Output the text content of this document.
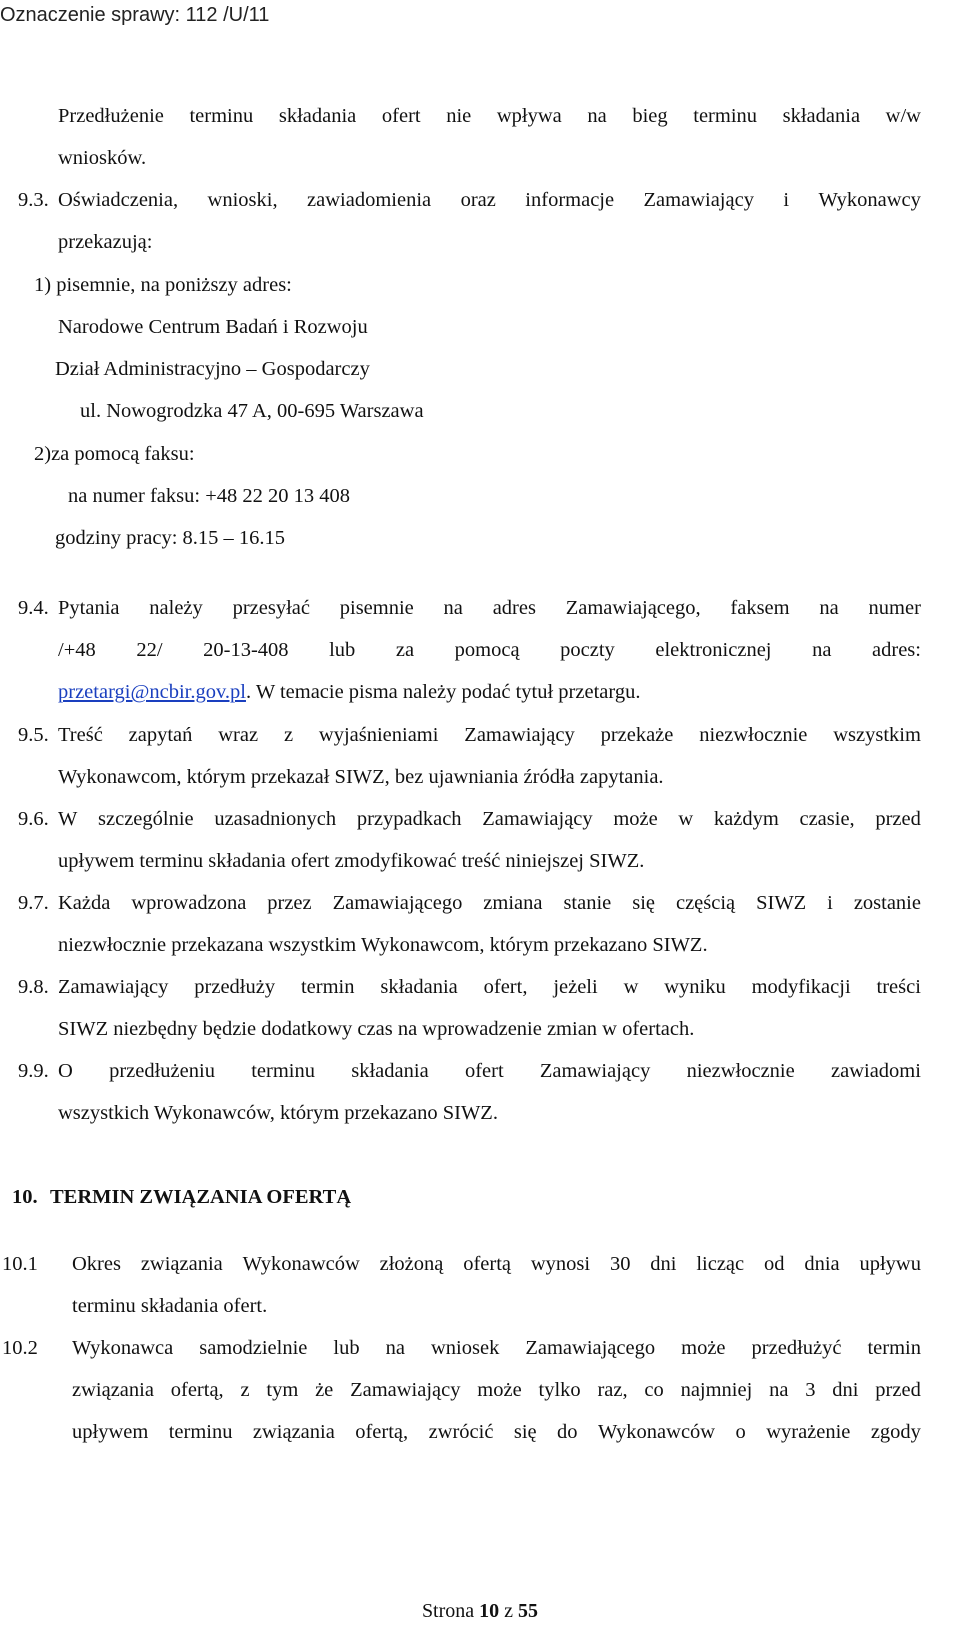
Oznaczenie sprawy: 112 /U/11
Przedłużenie terminu składania ofert nie wpływa na bieg terminu składania w/w
wniosków.
9.3. Oświadczenia, wnioski, zawiadomienia oraz informacje Zamawiający i Wykonawcy
przekazują:
1) pisemnie, na poniższy adres:
Narodowe Centrum Badań i Rozwoju
Dział Administracyjno – Gospodarczy
ul. Nowogrodzka 47 A, 00-695 Warszawa
2)za pomocą faksu:
na numer faksu: +48 22 20 13 408
godziny pracy: 8.15 – 16.15
9.4. Pytania należy przesyłać pisemnie na adres Zamawiającego, faksem na numer
/+48 22/ 20-13-408 lub za pomocą poczty elektronicznej na adres:
przetargi@ncbir.gov.pl. W temacie pisma należy podać tytuł przetargu.
9.5. Treść zapytań wraz z wyjaśnieniami Zamawiający przekaże niezwłocznie wszystkim
Wykonawcom, którym przekazał SIWZ, bez ujawniania źródła zapytania.
9.6. W szczególnie uzasadnionych przypadkach Zamawiający może w każdym czasie, przed
upływem terminu składania ofert zmodyfikować treść niniejszej SIWZ.
9.7. Każda wprowadzona przez Zamawiającego zmiana stanie się częścią SIWZ i zostanie
niezwłocznie przekazana wszystkim Wykonawcom, którym przekazano SIWZ.
9.8. Zamawiający przedłuży termin składania ofert, jeżeli w wyniku modyfikacji treści
SIWZ niezbędny będzie dodatkowy czas na wprowadzenie zmian w ofertach.
9.9. O przedłużeniu terminu składania ofert Zamawiający niezwłocznie zawiadomi
wszystkich Wykonawców, którym przekazano SIWZ.
10. TERMIN ZWIĄZANIA OFERTĄ
10.1 Okres związania Wykonawców złożoną ofertą wynosi 30 dni licząc od dnia upływu
terminu składania ofert.
10.2 Wykonawca samodzielnie lub na wniosek Zamawiającego może przedłużyć termin
związania ofertą, z tym że Zamawiający może tylko raz, co najmniej na 3 dni przed
upływem terminu związania ofertą, zwrócić się do Wykonawców o wyrażenie zgody
Strona 10 z 55
